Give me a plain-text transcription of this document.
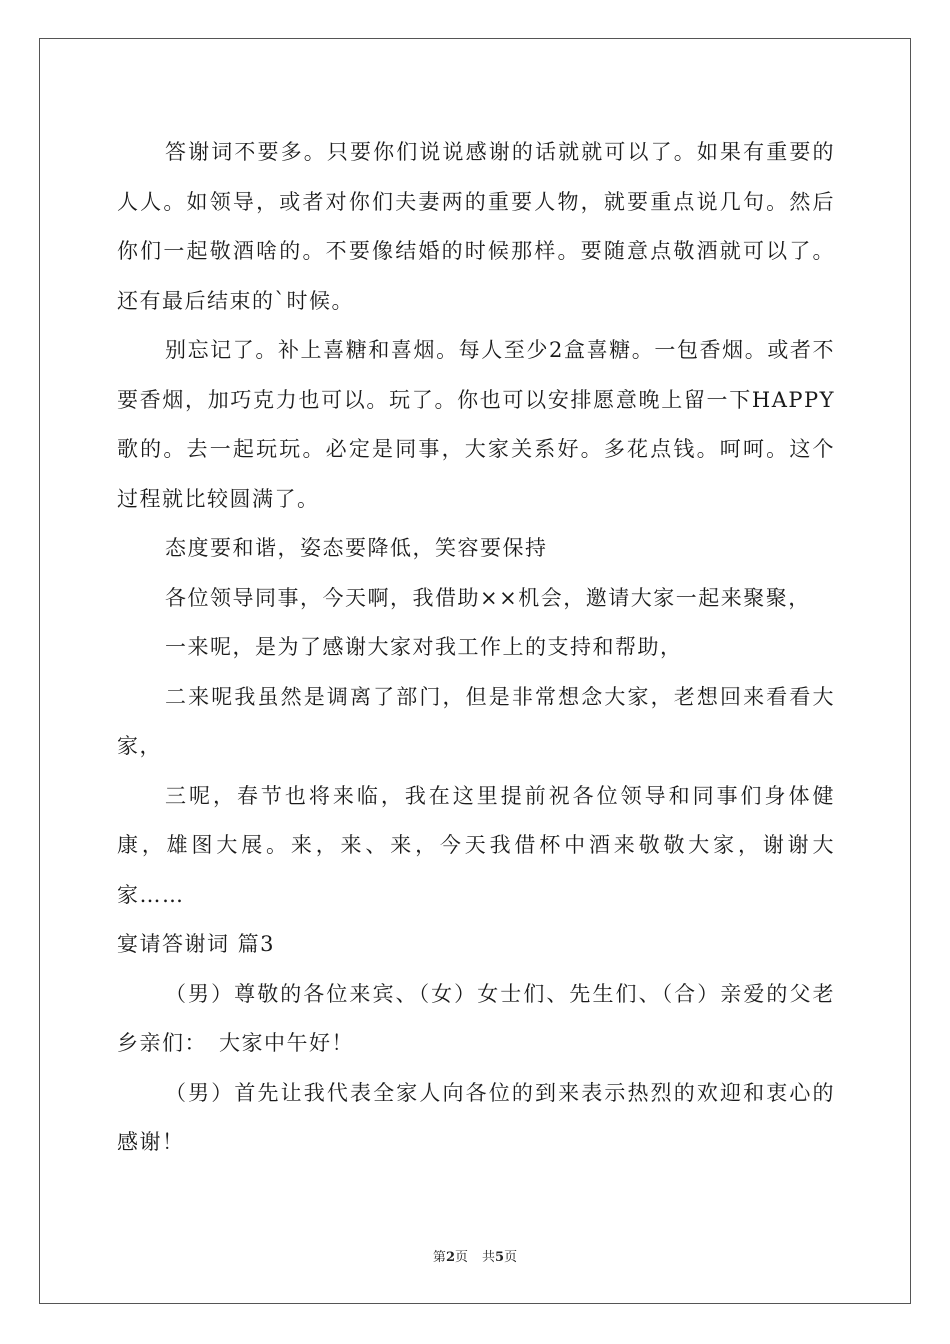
答谢词不要多。只要你们说说感谢的话就就可以了。如果有重要的人人。如领导，或者对你们夫妻两的重要人物，就要重点说几句。然后你们一起敬酒啥的。不要像结婚的时候那样。要随意点敬酒就可以了。还有最后结束的`时候。

别忘记了。补上喜糖和喜烟。每人至少2盒喜糖。一包香烟。或者不要香烟，加巧克力也可以。玩了。你也可以安排愿意晚上留一下HAPPY歌的。去一起玩玩。必定是同事，大家关系好。多花点钱。呵呵。这个过程就比较圆满了。

态度要和谐，姿态要降低，笑容要保持

各位领导同事，今天啊，我借助××机会，邀请大家一起来聚聚，

一来呢，是为了感谢大家对我工作上的支持和帮助，

二来呢我虽然是调离了部门，但是非常想念大家，老想回来看看大家，

三呢，春节也将来临，我在这里提前祝各位领导和同事们身体健康，雄图大展。来，来、来，今天我借杯中酒来敬敬大家，谢谢大家……

宴请答谢词 篇3

（男）尊敬的各位来宾、（女）女士们、先生们、（合）亲爱的父老乡亲们：　大家中午好！

（男）首先让我代表全家人向各位的到来表示热烈的欢迎和衷心的感谢！

第2页 共5页
